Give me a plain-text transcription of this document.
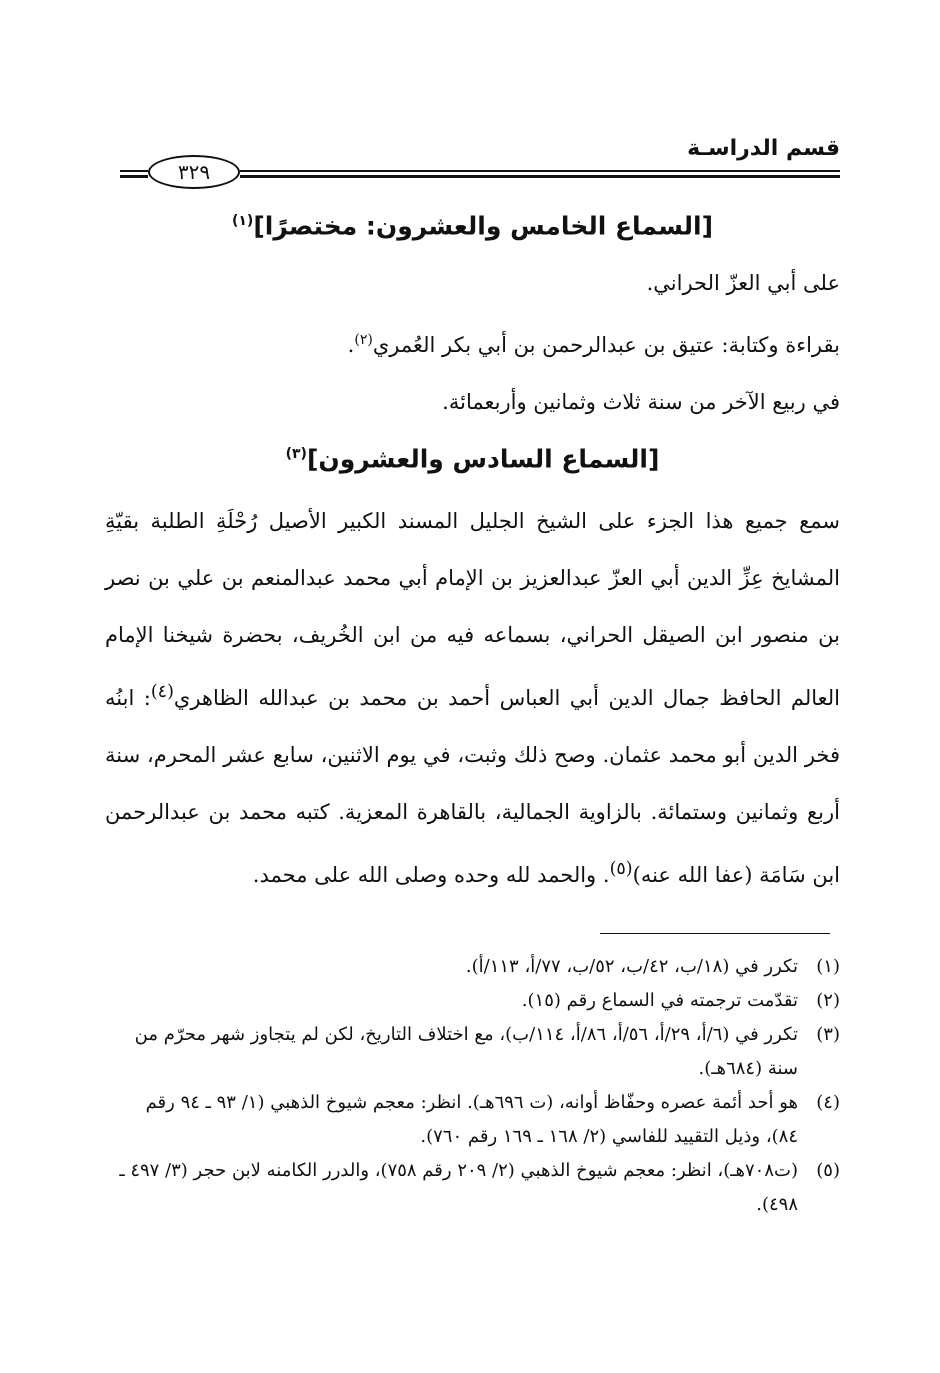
قسم الدراسـة
٣٢٩
[السماع الخامس والعشرون: مختصرًا]$^{(١)}$
على أبي العزّ الحراني.
بقراءة وكتابة: عتيق بن عبدالرحمن بن أبي بكر العُمري$^{(٢)}$.
في ربيع الآخر من سنة ثلاث وثمانين وأربعمائة.
[السماع السادس والعشرون]$^{(٣)}$

سمع جميع هذا الجزء على الشيخ الجليل المسند الكبير الأصيل رُحْلَةِ الطلبة بقيّةِ المشايخ عِزِّ الدين أبي العزّ عبدالعزيز بن الإمام أبي محمد عبدالمنعم بن علي بن نصر بن منصور ابن الصيقل الحراني، بسماعه فيه من ابن الخُريف، بحضرة شيخنا الإمام العالم الحافظ جمال الدين أبي العباس أحمد بن محمد بن عبدالله الظاهري$^{(٤)}$: ابنُه فخر الدين أبو محمد عثمان. وصح ذلك وثبت، في يوم الاثنين، سابع عشر المحرم، سنة أربع وثمانين وستمائة. بالزاوية الجمالية، بالقاهرة المعزية. كتبه محمد بن عبدالرحمن ابن سَامَة (عفا الله عنه)$^{(٥)}$. والحمد لله وحده وصلى الله على محمد.

(١)
تكرر في (١٨/ب، ٤٢/ب، ٥٢/ب، ٧٧/أ، ١١٣/أ).
(٢)
تقدّمت ترجمته في السماع رقم (١٥).
(٣)
تكرر في (٦/أ، ٢٩/أ، ٥٦/أ، ٨٦/أ، ١١٤/ب)، مع اختلاف التاريخ، لكن لم يتجاوز شهر محرّم من سنة (٦٨٤هـ).
(٤)
هو أحد أئمة عصره وحفّاظ أوانه، (ت ٦٩٦هـ). انظر: معجم شيوخ الذهبي (١/ ٩٣ ـ ٩٤ رقم ٨٤)، وذيل التقييد للفاسي (٢/ ١٦٨ ـ ١٦٩ رقم ٧٦٠).
(٥)
(ت٧٠٨هـ)، انظر: معجم شيوخ الذهبي (٢/ ٢٠٩ رقم ٧٥٨)، والدرر الكامنه لابن حجر (٣/ ٤٩٧ ـ ٤٩٨).
